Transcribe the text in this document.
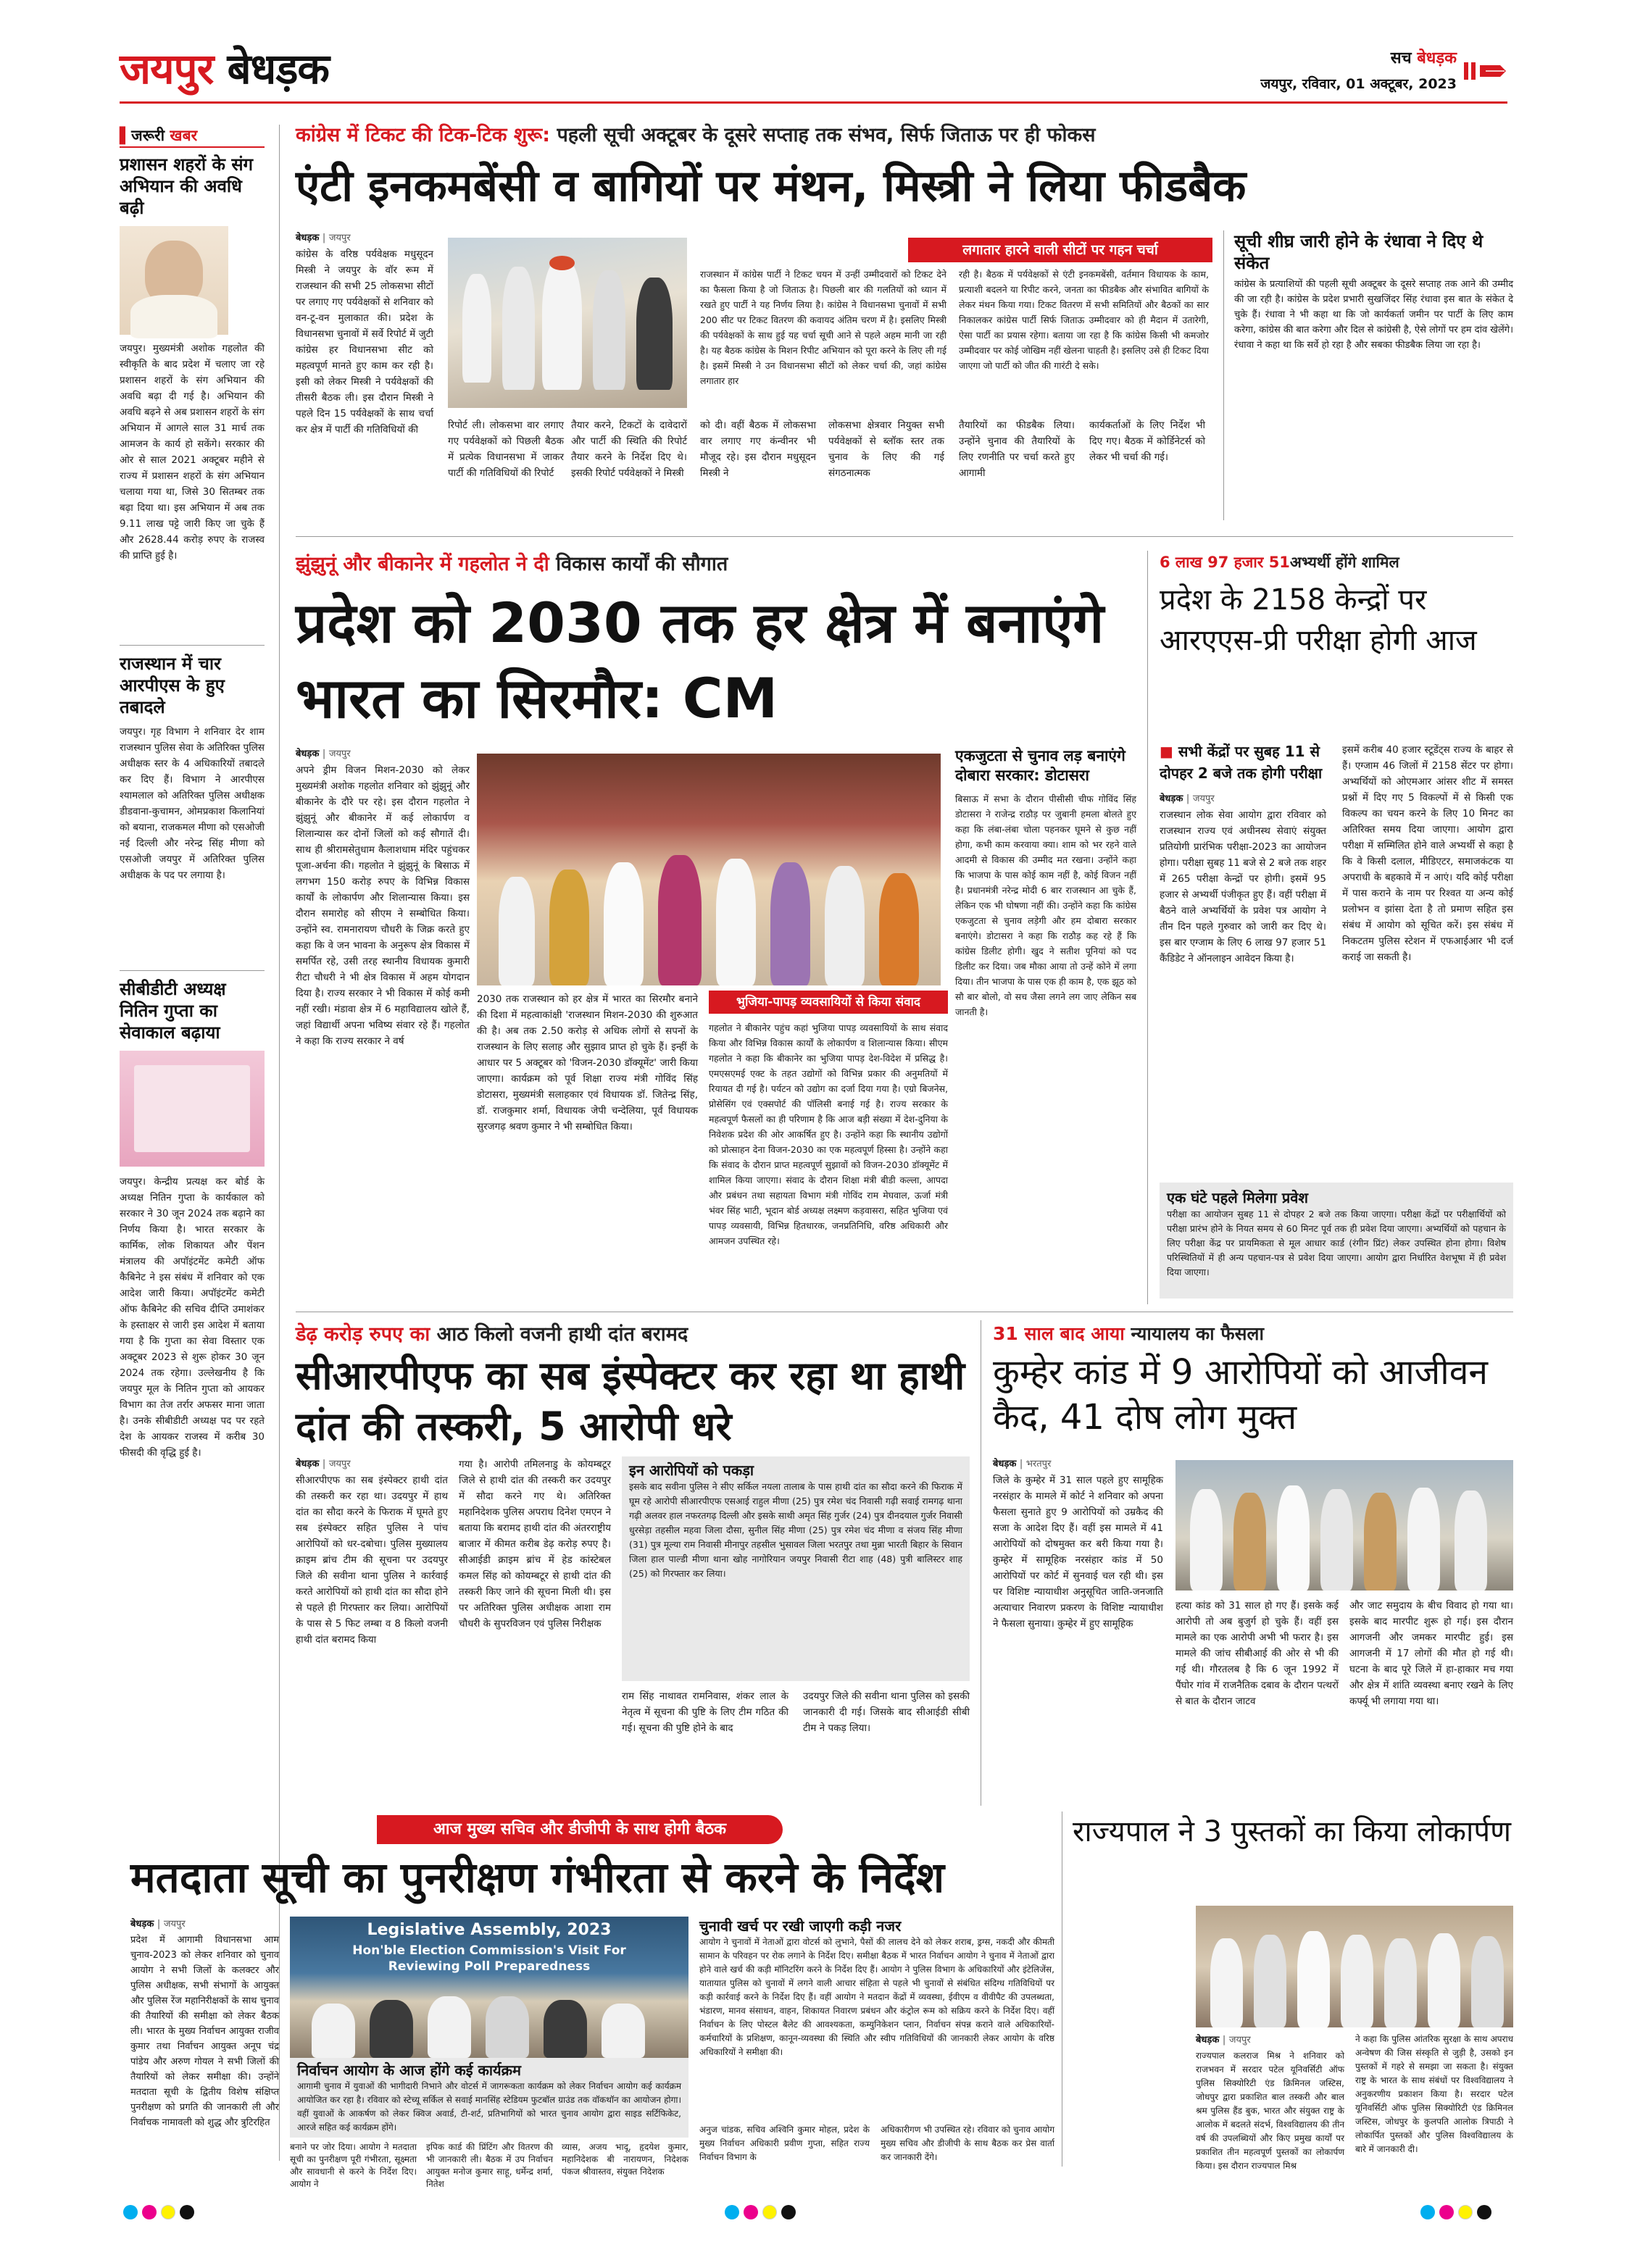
जयपुर बेधड़क	सच बेधड़क
जयपुर, रविवार, 01 अक्टूबर, 2023
▌जरूरी खबर
प्रशासन शहरों के संग अभियान की अवधि बढ़ी
जयपुर। मुख्यमंत्री अशोक गहलोत की स्वीकृति के बाद प्रदेश में चलाए जा रहे प्रशासन शहरों के संग अभियान की अवधि बढ़ा दी गई है। अभियान की अवधि बढ़ने से अब प्रशासन शहरों के संग अभियान में आगले साल 31 मार्च तक आमजन के कार्य हो सकेंगे। सरकार की ओर से साल 2021 अक्टूबर महीने से राज्य में प्रशासन शहरों के संग अभियान चलाया गया था, जिसे 30 सितम्बर तक बढ़ा दिया था। इस अभियान में अब तक 9.11 लाख पट्टे जारी किए जा चुके हैं और 2628.44 करोड़ रुपए के राजस्व की प्राप्ति हुई है।
राजस्थान में चार आरपीएस के हुए तबादले
जयपुर। गृह विभाग ने शनिवार देर शाम राजस्थान पुलिस सेवा के अतिरिक्त पुलिस अधीक्षक स्तर के 4 अधिकारियों तबादले कर दिए हैं। विभाग ने आरपीएस श्यामलाल को अतिरिक्त पुलिस अधीक्षक डीडवाना-कुचामन, ओमप्रकाश किलानियां को बयाना, राजकमल मीणा को एसओजी नई दिल्ली और नरेन्द्र सिंह मीणा को एसओजी जयपुर में अतिरिक्त पुलिस अधीक्षक के पद पर लगाया है।
सीबीडीटी अध्यक्ष नितिन गुप्ता का सेवाकाल बढ़ाया
जयपुर। केन्द्रीय प्रत्यक्ष कर बोर्ड के अध्यक्ष नितिन गुप्ता के कार्यकाल को सरकार ने 30 जून 2024 तक बढ़ाने का निर्णय किया है। भारत सरकार के कार्मिक, लोक शिकायत और पेंशन मंत्रालय की अपॉइंटमेंट कमेटी ऑफ कैबिनेट ने इस संबंध में शनिवार को एक आदेश जारी किया। अपॉइंटमेंट कमेटी ऑफ कैबिनेट की सचिव दीप्ति उमाशंकर के हस्ताक्षर से जारी इस आदेश में बताया गया है कि गुप्ता का सेवा विस्तार एक अक्टूबर 2023 से शुरू होकर 30 जून 2024 तक रहेगा। उल्लेखनीय है कि जयपुर मूल के नितिन गुप्ता को आयकर विभाग का तेज तर्रार अफसर माना जाता है। उनके सीबीडीटी अध्यक्ष पद पर रहते देश के आयकर राजस्व में करीब 30 फीसदी की वृद्धि हुई है।
कांग्रेस में टिकट की टिक-टिक शुरू: पहली सूची अक्टूबर के दूसरे सप्ताह तक संभव, सिर्फ जिताऊ पर ही फोकस
एंटी इनकमबेंसी व बागियों पर मंथन, मिस्त्री ने लिया फीडबैक
बेधड़क | जयपुर
कांग्रेस के वरिष्ठ पर्यवेक्षक मधुसूदन मिस्त्री ने जयपुर के वॉर रूम में राजस्थान की सभी 25 लोकसभा सीटों पर लगाए गए पर्यवेक्षकों से शनिवार को वन-टू-वन मुलाकात की। प्रदेश के विधानसभा चुनावों में सर्वे रिपोर्ट में जुटी कांग्रेस हर विधानसभा सीट को महत्वपूर्ण मानते हुए काम कर रही है। इसी को लेकर मिस्त्री ने पर्यवेक्षकों की तीसरी बैठक ली। इस दौरान मिस्त्री ने पहले दिन 15 पर्यवेक्षकों के साथ चर्चा कर क्षेत्र में पार्टी की गतिविधियों की	रिपोर्ट ली। लोकसभा वार लगाए गए पर्यवेक्षकों को पिछली बैठक में प्रत्येक विधानसभा में जाकर पार्टी की गतिविधियों की रिपोर्ट
तैयार करने, टिकटों के दावेदारों और पार्टी की स्थिति की रिपोर्ट तैयार करने के निर्देश दिए थे। इसकी रिपोर्ट पर्यवेक्षकों ने मिस्त्री
को दी। वहीं बैठक में लोकसभा वार लगाए गए कंन्वीनर भी मौजूद रहे। इस दौरान मधुसूदन मिस्त्री ने
लोकसभा क्षेत्रवार नियुक्त सभी पर्यवेक्षकों से ब्लॉक स्तर तक चुनाव के लिए की गई संगठनात्मक
तैयारियों का फीडबैक लिया। उन्होंने चुनाव की तैयारियों के लिए रणनीति पर चर्चा करते हुए आगामी
कार्यकर्ताओं के लिए निर्देश भी दिए गए। बैठक में कोर्डिनेटर्स को लेकर भी चर्चा की गई।
लगातार हारने वाली सीटों पर गहन चर्चा
राजस्थान में कांग्रेस पार्टी ने टिकट चयन में उन्हीं उम्मीदवारों को टिकट देने का फैसला किया है जो जिताऊ है। पिछली बार की गलतियों को ध्यान में रखते हुए पार्टी ने यह निर्णय लिया है। कांग्रेस ने विधानसभा चुनावों में सभी 200 सीट पर टिकट वितरण की कवायद अंतिम चरण में है। इसलिए मिस्त्री की पर्यवेक्षकों के साथ हुई यह चर्चा सूची आने से पहले अहम मानी जा रही है। यह बैठक कांग्रेस के मिशन रिपीट अभियान को पूरा करने के लिए ली गई है। इसमें मिस्त्री ने उन विधानसभा सीटों को लेकर चर्चा की, जहां कांग्रेस लगातार हार
रही है। बैठक में पर्यवेक्षकों से एंटी इनकमबेंसी, वर्तमान विधायक के काम, प्रत्याशी बदलने या रिपीट करने, जनता का फीडबैक और संभावित बागियों के लेकर मंथन किया गया। टिकट वितरण में सभी समितियों और बैठकों का सार निकालकर कांग्रेस पार्टी सिर्फ जिताऊ उम्मीदवार को ही मैदान में उतारेगी, ऐसा पार्टी का प्रयास रहेगा। बताया जा रहा है कि कांग्रेस किसी भी कमजोर उम्मीदवार पर कोई जोखिम नहीं खेलना चाहती है। इसलिए उसे ही टिकट दिया जाएगा जो पार्टी को जीत की गारंटी दे सके।
सूची शीघ्र जारी होने के रंधावा ने दिए थे संकेत
कांग्रेस के प्रत्याशियों की पहली सूची अक्टूबर के दूसरे सप्ताह तक आने की उम्मीद की जा रही है। कांग्रेस के प्रदेश प्रभारी सुखजिंदर सिंह रंधावा इस बात के संकेत दे चुके हैं। रंधावा ने भी कहा था कि जो कार्यकर्ता जमीन पर पार्टी के लिए काम करेगा, कांग्रेस की बात करेगा और दिल से कांग्रेसी है, ऐसे लोगों पर हम दांव खेलेंगे। रंधावा ने कहा था कि सर्वे हो रहा है और सबका फीडबैक लिया जा रहा है।
झुंझुनूं और बीकानेर में गहलोत ने दी विकास कार्यों की सौगात
प्रदेश को 2030 तक हर क्षेत्र में बनाएंगे भारत का सिरमौर: CM
बेधड़क | जयपुर
अपने ड्रीम विजन मिशन-2030 को लेकर मुख्यमंत्री अशोक गहलोत शनिवार को झुंझुनूं और बीकानेर के दौरे पर रहे। इस दौरान गहलोत ने झुंझुनूं और बीकानेर में कई लोकार्पण व शिलान्यास कर दोनों जिलों को कई सौगातें दी। साथ ही श्रीरामसेतुधाम कैलाशधाम मंदिर पहुंचकर पूजा-अर्चना की। गहलोत ने झुंझुनूं के बिसाऊ में लगभग 150 करोड़ रुपए के विभिन्न विकास कार्यों के लोकार्पण और शिलान्यास किया। इस दौरान समारोह को सीएम ने सम्बोधित किया। उन्होंने स्व. रामनारायण चौधरी के जिक्र करते हुए कहा कि वे जन भावना के अनुरूप क्षेत्र विकास में समर्पित रहे, उसी तरह स्थानीय विधायक कुमारी रीटा चौधरी ने भी क्षेत्र विकास में अहम योगदान दिया है। राज्य सरकार ने भी विकास में कोई कमी नहीं रखी। मंडावा क्षेत्र में 6 महाविद्यालय खोले हैं, जहां विद्यार्थी अपना भविष्य संवार रहे हैं। गहलोत ने कहा कि राज्य सरकार ने वर्ष
भुजिया-पापड़ व्यवसायियों से किया संवाद
2030 तक राजस्थान को हर क्षेत्र में भारत का सिरमौर बनाने की दिशा में महत्वाकांक्षी 'राजस्थान मिशन-2030 की शुरुआत की है। अब तक 2.50 करोड़ से अधिक लोगों से सपनों के राजस्थान के लिए सलाह और सुझाव प्राप्त हो चुके हैं। इन्हीं के आधार पर 5 अक्टूबर को 'विजन-2030 डॉक्यूमेंट' जारी किया जाएगा। कार्यक्रम को पूर्व शिक्षा राज्य मंत्री गोविंद सिंह डोटासरा, मुख्यमंत्री सलाहकार एवं विधायक डॉ. जितेन्द्र सिंह, डॉ. राजकुमार शर्मा, विधायक जेपी चन्देलिया, पूर्व विधायक सुरजगढ़ श्रवण कुमार ने भी सम्बोधित किया।
गहलोत ने बीकानेर पहुंच कहां भुजिया पापड़ व्यवसायियों के साथ संवाद किया और विभिन्न विकास कार्यों के लोकार्पण व शिलान्यास किया। सीएम गहलोत ने कहा कि बीकानेर का भुजिया पापड़ देश-विदेश में प्रसिद्ध है। एमएसएमई एक्ट के तहत उद्योगों को विभिन्न प्रकार की अनुमतियों में रियायत दी गई है। पर्यटन को उद्योग का दर्जा दिया गया है। एग्रो बिजनेस, प्रोसेसिंग एवं एक्सपोर्ट की पॉलिसी बनाई गई है। राज्य सरकार के महत्वपूर्ण फैसलों का ही परिणाम है कि आज बड़ी संख्या में देश-दुनिया के निवेशक प्रदेश की ओर आकर्षित हुए है। उन्होंने कहा कि स्थानीय उद्योगों को प्रोत्साहन देना विजन-2030 का एक महत्वपूर्ण हिस्सा है। उन्होंने कहा कि संवाद के दौरान प्राप्त महत्वपूर्ण सुझावों को विजन-2030 डॉक्यूमेंट में शामिल किया जाएगा। संवाद के दौरान शिक्षा मंत्री बीडी कल्ला, आपदा और प्रबंधन तथा सहायता विभाग मंत्री गोविंद राम मेघवाल, ऊर्जा मंत्री भंवर सिंह भाटी, भूदान बोर्ड अध्यक्ष लक्ष्मण कड़वासरा, सहित भुजिया एवं पापड़ व्यवसायी, विभिन्न हितधारक, जनप्रतिनिधि, वरिष्ठ अधिकारी और आमजन उपस्थित रहे।
एकजुटता से चुनाव लड़ बनाएंगे दोबारा सरकार: डोटासरा
बिसाऊ में सभा के दौरान पीसीसी चीफ गोविंद सिंह डोटासरा ने राजेन्द्र राठौड़ पर जुबानी हमला बोलते हुए कहा कि लंबा-लंबा चोला पहनकर घूमने से कुछ नहीं होगा, कभी काम करवाया क्या। शाम को भर रहने वाले आदमी से विकास की उम्मीद मत रखना। उन्होंने कहा कि भाजपा के पास कोई काम नहीं है, कोई विजन नहीं है। प्रधानमंत्री नरेन्द्र मोदी 6 बार राजस्थान आ चुके हैं, लेकिन एक भी घोषणा नहीं की। उन्होंने कहा कि कांग्रेस एकजुटता से चुनाव लड़ेगी और हम दोबारा सरकार बनाएंगे। डोटासरा ने कहा कि राठौड़ कह रहे हैं कि कांग्रेस डिलीट होगी। खुद ने सतीश पूनियां को पद डिलीट कर दिया। जब मौका आया तो उन्हें कोने में लगा दिया। तीन भाजपा के पास एक ही काम है, एक झूठ को सौ बार बोलो, वो सच जैसा लगने लग जाए लेकिन सब जानती है।
6 लाख 97 हजार 51अभ्यर्थी होंगे शामिल
प्रदेश के 2158 केन्द्रों पर आरएएस-प्री परीक्षा होगी आज
■ सभी केंद्रों पर सुबह 11 से दोपहर 2 बजे तक होगी परीक्षा
बेधड़क | जयपुर
राजस्थान लोक सेवा आयोग द्वारा रविवार को राजस्थान राज्य एवं अधीनस्थ सेवाएं संयुक्त प्रतियोगी प्रारंभिक परीक्षा-2023 का आयोजन होगा। परीक्षा सुबह 11 बजे से 2 बजे तक शहर में 265 परीक्षा केन्द्रों पर होगी। इसमें 95 हजार से अभ्यर्थी पंजीकृत हुए हैं। वहीं परीक्षा में बैठने वाले अभ्यर्थियों के प्रवेश पत्र आयोग ने तीन दिन पहले गुरुवार को जारी कर दिए थे। इस बार एग्जाम के लिए 6 लाख 97 हजार 51 कैंडिडेट ने ऑनलाइन आवेदन किया है।
इसमें करीब 40 हजार स्टूडेंट्स राज्य के बाहर से हैं। एग्जाम 46 जिलों में 2158 सेंटर पर होगा। अभ्यर्थियों को ओएमआर आंसर शीट में समस्त प्रश्नों में दिए गए 5 विकल्पों में से किसी एक विकल्प का चयन करने के लिए 10 मिनट का अतिरिक्त समय दिया जाएगा। आयोग द्वारा परीक्षा में सम्मिलित होने वाले अभ्यर्थी से कहा है कि वे किसी दलाल, मीडिएटर, समाजकंटक या अपराधी के बहकावे में न आएं। यदि कोई परीक्षा में पास कराने के नाम पर रिश्वत या अन्य कोई प्रलोभन व झांसा देता है तो प्रमाण सहित इस संबंध में आयोग को सूचित करें। इस संबंध में निकटतम पुलिस स्टेशन में एफआईआर भी दर्ज कराई जा सकती है।
एक घंटे पहले मिलेगा प्रवेश
परीक्षा का आयोजन सुबह 11 से दोपहर 2 बजे तक किया जाएगा। परीक्षा केंद्रों पर परीक्षार्थियों को परीक्षा प्रारंभ होने के नियत समय से 60 मिनट पूर्व तक ही प्रवेश दिया जाएगा। अभ्यर्थियों को पहचान के लिए परीक्षा केंद्र पर प्रायमिकता से मूल आधार कार्ड (रंगीन प्रिंट) लेकर उपस्थित होना होगा। विशेष परिस्थितियों में ही अन्य पहचान-पत्र से प्रवेश दिया जाएगा। आयोग द्वारा निर्धारित वेशभूषा में ही प्रवेश दिया जाएगा।
डेढ़ करोड़ रुपए का आठ किलो वजनी हाथी दांत बरामद
सीआरपीएफ का सब इंस्पेक्टर कर रहा था हाथी दांत की तस्करी, 5 आरोपी धरे
बेधड़क | जयपुर
सीआरपीएफ का सब इंस्पेक्टर हाथी दांत की तस्करी कर रहा था। उदयपुर में हाथ दांत का सौदा करने के फिराक में घूमते हुए सब इंस्पेक्टर सहित पुलिस ने पांच आरोपियों को धर-दबोचा। पुलिस मुख्यालय क्राइम ब्रांच टीम की सूचना पर उदयपुर जिले की सवीना थाना पुलिस ने कार्रवाई करते आरोपियों को हाथी दांत का सौदा होने से पहले ही गिरफ्तार कर लिया। आरोपियों के पास से 5 फिट लम्बा व 8 किलो वजनी हाथी दांत बरामद किया
गया है। आरोपी तमिलनाडु के कोयम्बटूर जिले से हाथी दांत की तस्करी कर उदयपुर में सौदा करने गए थे। अतिरिक्त महानिदेशक पुलिस अपराध दिनेश एमएन ने बताया कि बरामद हाथी दांत की अंतरराष्ट्रीय बाजार में कीमत करीब डेढ़ करोड़ रुपए है। सीआईडी क्राइम ब्रांच में हेड कांस्टेबल कमल सिंह को कोयम्बटूर से हाथी दांत की तस्करी किए जाने की सूचना मिली थी। इस पर अतिरिक्त पुलिस अधीक्षक आशा राम चौधरी के सुपरविजन एवं पुलिस निरीक्षक
इन आरोपियों को पकड़ा
इसके बाद सवीना पुलिस ने सीए सर्किल नयला तालाब के पास हाथी दांत का सौदा करने की फिराक में घूम रहे आरोपी सीआरपीएफ एसआई राहुल मीणा (25) पुत्र रमेश चंद निवासी गढ़ी सवाई रामगढ़ थाना गढ़ी अलवर हाल नफरतगढ़ दिल्ली और इसके साथी अमृत सिंह गुर्जर (24) पुत्र दीनदयाल गुर्जर निवासी धुरसेड़ा तहसील महवा जिला दौसा, सुनील सिंह मीणा (25) पुत्र रमेश चंद मीणा व संजय सिंह मीणा (31) पुत्र मूल्या राम निवासी मीनापुर तहसील भुसावल जिला भरतपुर तथा मुन्ना भारती बिहार के सिवान जिला हाल पाल्डी मीणा थाना खोह नागोरियान जयपुर निवासी रीटा शाह (48) पुत्री बालिस्टर शाह (25) को गिरफ्तार कर लिया।
राम सिंह नाथावत रामनिवास, शंकर लाल के नेतृत्व में सूचना की पुष्टि के लिए टीम गठित की गई। सूचना की पुष्टि होने के बाद
उदयपुर जिले की सवीना थाना पुलिस को इसकी जानकारी दी गई। जिसके बाद सीआईडी सीबी टीम ने पकड़ लिया।
31 साल बाद आया न्यायालय का फैसला
कुम्हेर कांड में 9 आरोपियों को आजीवन कैद, 41 दोष लोग मुक्त
बेधड़क | भरतपुर
जिले के कुम्हेर में 31 साल पहले हुए सामूहिक नरसंहार के मामले में कोर्ट ने शनिवार को अपना फैसला सुनाते हुए 9 आरोपियों को उम्रकैद की सजा के आदेश दिए हैं। वहीं इस मामले में 41 आरोपियों को दोषमुक्त कर बरी किया गया है। कुम्हेर में सामूहिक नरसंहार कांड में 50 आरोपियों पर कोर्ट में सुनवाई चल रही थी। इस पर विशिष्ट न्यायाधीश अनुसूचित जाति-जनजाति अत्याचार निवारण प्रकरण के विशिष्ट न्यायाधीश ने फैसला सुनाया। कुम्हेर में हुए सामूहिक
हत्या कांड को 31 साल हो गए हैं। इसके कई आरोपी तो अब बुजुर्ग हो चुके हैं। वहीं इस मामले का एक आरोपी अभी भी फरार है। इस मामले की जांच सीबीआई की ओर से भी की गई थी। गौरतलब है कि 6 जून 1992 में पैंघोर गांव में राजनैतिक दबाव के दौरान पत्थरों से बात के दौरान जाटव
और जाट समुदाय के बीच विवाद हो गया था। इसके बाद मारपीट शुरू हो गई। इस दौरान आगजनी और जमकर मारपीट हुई। इस आगजनी में 17 लोगों की मौत हो गई थी। घटना के बाद पूरे जिले में हा-हाकार मच गया और क्षेत्र में शांति व्यवस्था बनाए रखने के लिए कर्फ्यू भी लगाया गया था।
आज मुख्य सचिव और डीजीपी के साथ होगी बैठक
मतदाता सूची का पुनरीक्षण गंभीरता से करने के निर्देश
बेधड़क | जयपुर
प्रदेश में आगामी विधानसभा आम चुनाव-2023 को लेकर शनिवार को चुनाव आयोग ने सभी जिलों के कलक्टर और पुलिस अधीक्षक, सभी संभागों के आयुक्त और पुलिस रेंज महानिरीक्षकों के साथ चुनाव की तैयारियों की समीक्षा को लेकर बैठक ली। भारत के मुख्य निर्वाचन आयुक्त राजीव कुमार तथा निर्वाचन आयुक्त अनूप चंद्र पांडेय और अरुण गोयल ने सभी जिलों की तैयारियों को लेकर समीक्षा की। उन्होंने मतदाता सूची के द्वितीय विशेष संक्षिप्त पुनरीक्षण को प्रगति की जानकारी ली और निर्वाचक नामावली को शुद्ध और त्रुटिरहित
Legislative Assembly, 2023
Hon'ble Election Commission's Visit For Reviewing Poll Preparedness
निर्वाचन आयोग के आज होंगे कई कार्यक्रम
आगामी चुनाव में युवाओं की भागीदारी निभाने और वोटर्स में जागरूकता कार्यक्रम को लेकर निर्वाचन आयोग कई कार्यक्रम आयोजित कर रहा है। रविवार को स्टेच्यू सर्किल से सवाई मानसिंह स्टेडियम फुटबॉल ग्राउंड तक वॉकथॉन का आयोजन होगा। वहीं युवाओं के आकर्षण को लेकर क्विज अवार्ड, टी-शर्ट, प्रतिभागियों को भारत चुनाव आयोग द्वारा साइड सर्टिफिकेट, आरजे सहित कई कार्यक्रम होंगे।
बनाने पर जोर दिया। आयोग ने मतदाता सूची का पुनरीक्षण पूरी गंभीरता, सूक्ष्मता और सावधानी से करने के निर्देश दिए। आयोग ने
इपिक कार्ड की प्रिंटिंग और वितरण की भी जानकारी ली। बैठक में उप निर्वाचन आयुक्त मनोज कुमार साहू, धर्मेन्द्र शर्मा, नितेश
व्यास, अजय भादू, हृदयेश कुमार, महानिदेशक बी नारायणन, निदेशक पंकज श्रीवास्तव, संयुक्त निदेशक
चुनावी खर्च पर रखी जाएगी कड़ी नजर
आयोग ने चुनावों में नेताओं द्वारा वोटर्स को लुभाने, पैसों की लालच देने को लेकर शराब, ड्रग्स, नकदी और कीमती सामान के परिवहन पर रोक लगाने के निर्देश दिए। समीक्षा बैठक में भारत निर्वाचन आयोग ने चुनाव में नेताओं द्वारा होने वाले खर्च की कड़ी मॉनिटरिंग करने के निर्देश दिए हैं। आयोग ने पुलिस विभाग के अधिकारियों और इंटेलिजेंस, यातायात पुलिस को चुनावों में लगने वाली आचार संहिता से पहले भी चुनावों से संबंधित संदिग्ध गतिविधियों पर कड़ी कार्रवाई करने के निर्देश दिए हैं। वहीं आयोग ने मतदान केंद्रों में व्यवस्था, ईवीएम व वीवीपैट की उपलब्धता, भंडारण, मानव संसाधन, वाहन, शिकायत निवारण प्रबंधन और कंट्रोल रूम को सक्रिय करने के निर्देश दिए। वहीं निर्वाचन के लिए पोस्टल बैलेट की आवश्यकता, कम्युनिकेशन प्लान, निर्वाचन संपन्न कराने वाले अधिकारियों-कर्मचारियों के प्रशिक्षण, कानून-व्यवस्था की स्थिति और स्वीप गतिविधियों की जानकारी लेकर आयोग के वरिष्ठ अधिकारियों ने समीक्षा की।
अनुज चांडक, सचिव अश्विनि कुमार मोहल, प्रदेश के मुख्य निर्वाचन अधिकारी प्रवीण गुप्ता, सहित राज्य निर्वाचन विभाग के
अधिकारीगण भी उपस्थित रहे। रविवार को चुनाव आयोग मुख्य सचिव और डीजीपी के साथ बैठक कर प्रेस वार्ता कर जानकारी देंगे।
राज्यपाल ने 3 पुस्तकों का किया लोकार्पण
बेधड़क | जयपुर
राज्यपाल कलराज मिश्र ने शनिवार को राजभवन में सरदार पटेल यूनिवर्सिटी ऑफ पुलिस सिक्योरिटी एंड क्रिमिनल जस्टिस, जोधपुर द्वारा प्रकाशित बाल तस्करी और बाल श्रम पुलिस हैंड बुक, भारत और संयुक्त राष्ट्र के आलोक में बदलते संदर्भ, विश्वविद्यालय की तीन वर्ष की उपलब्धियों और किए प्रमुख कार्यों पर प्रकाशित तीन महत्वपूर्ण पुस्तकों का लोकार्पण किया। इस दौरान राज्यपाल मिश्र
ने कहा कि पुलिस आंतरिक सुरक्षा के साथ अपराध अन्वेषण की जिस संस्कृति से जुड़ी है, उसको इन पुस्तकों में गहरे से समझा जा सकता है। संयुक्त राष्ट्र के भारत के साथ संबंधों पर विश्वविद्यालय ने अनुकरणीय प्रकाशन किया है। सरदार पटेल यूनिवर्सिटी ऑफ पुलिस सिक्योरिटी एंड क्रिमिनल जस्टिस, जोधपुर के कुलपति आलोक त्रिपाठी ने लोकार्पित पुस्तकों और पुलिस विश्वविद्यालय के बारे में जानकारी दी।
